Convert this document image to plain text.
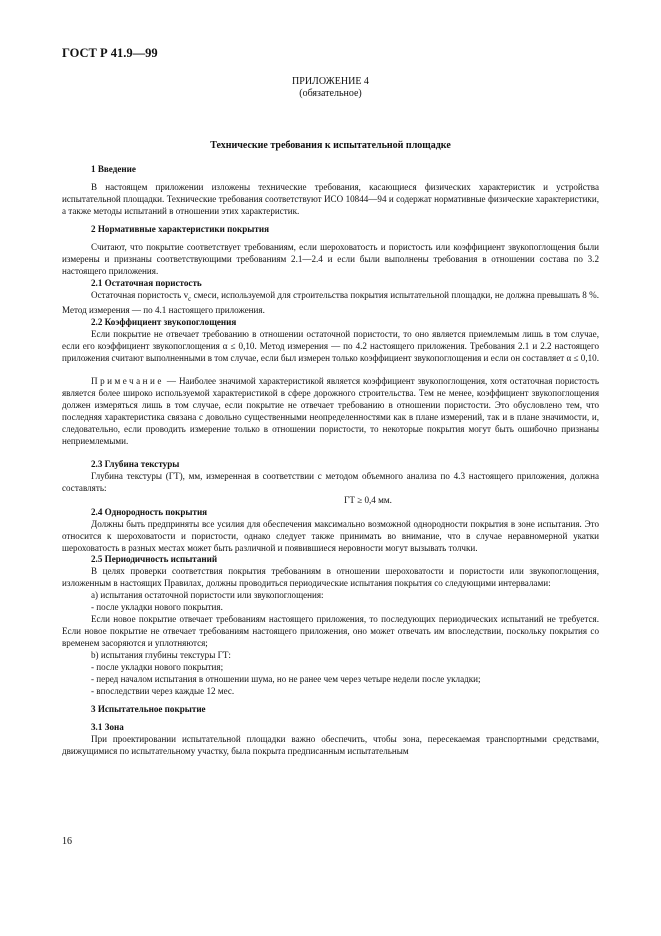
ГОСТ Р 41.9—99
ПРИЛОЖЕНИЕ 4
(обязательное)
Технические требования к испытательной площадке

1 Введение

В настоящем приложении изложены технические требования, касающиеся физических характеристик и устройства испытательной площадки. Технические требования соответствуют ИСО 10844—94 и содержат нормативные физические характеристики, а также методы испытаний в отношении этих характеристик.

2 Нормативные характеристики покрытия

Считают, что покрытие соответствует требованиям, если шероховатость и пористость или коэффициент звукопоглощения были измерены и признаны соответствующими требованиям 2.1—2.4 и если были выполнены требования в отношении состава по 3.2 настоящего приложения.

2.1 Остаточная пористость

Остаточная пористость $v_c$ смеси, используемой для строительства покрытия испытательной площадки, не должна превышать 8 %. Метод измерения — по 4.1 настоящего приложения.

2.2 Коэффициент звукопоглощения

Если покрытие не отвечает требованию в отношении остаточной пористости, то оно является приемлемым лишь в том случае, если его коэффициент звукопоглощения α ≤ 0,10. Метод измерения — по 4.2 настоящего приложения. Требования 2.1 и 2.2 настоящего приложения считают выполненными в том случае, если был измерен только коэффициент звукопоглощения и если он составляет α ≤ 0,10.

Примечание — Наиболее значимой характеристикой является коэффициент звукопоглощения, хотя остаточная пористость является более широко используемой характеристикой в сфере дорожного строительства. Тем не менее, коэффициент звукопоглощения должен измеряться лишь в том случае, если покрытие не отвечает требованию в отношении пористости. Это обусловлено тем, что последняя характеристика связана с довольно существенными неопределенностями как в плане измерений, так и в плане значимости, и, следовательно, если проводить измерение только в отношении пористости, то некоторые покрытия могут быть ошибочно признаны неприемлемыми.

2.3 Глубина текстуры

Глубина текстуры (ГТ), мм, измеренная в соответствии с методом объемного анализа по 4.3 настоящего приложения, должна составлять:

ГТ ≥ 0,4 мм.

2.4 Однородность покрытия

Должны быть предприняты все усилия для обеспечения максимально возможной однородности покрытия в зоне испытания. Это относится к шероховатости и пористости, однако следует также принимать во внимание, что в случае неравномерной укатки шероховатость в разных местах может быть различной и появившиеся неровности могут вызывать толчки.

2.5 Периодичность испытаний

В целях проверки соответствия покрытия требованиям в отношении шероховатости и пористости или звукопоглощения, изложенным в настоящих Правилах, должны проводиться периодические испытания покрытия со следующими интервалами:

а) испытания остаточной пористости или звукопоглощения:

- после укладки нового покрытия.

Если новое покрытие отвечает требованиям настоящего приложения, то последующих периодических испытаний не требуется. Если новое покрытие не отвечает требованиям настоящего приложения, оно может отвечать им впоследствии, поскольку покрытия со временем засоряются и уплотняются;

b) испытания глубины текстуры ГТ:

- после укладки нового покрытия;

- перед началом испытания в отношении шума, но не ранее чем через четыре недели после укладки;

- впоследствии через каждые 12 мес.

3 Испытательное покрытие

3.1 Зона

При проектировании испытательной площадки важно обеспечить, чтобы зона, пересекаемая транспортными средствами, движущимися по испытательному участку, была покрыта предписанным испытательным

16
